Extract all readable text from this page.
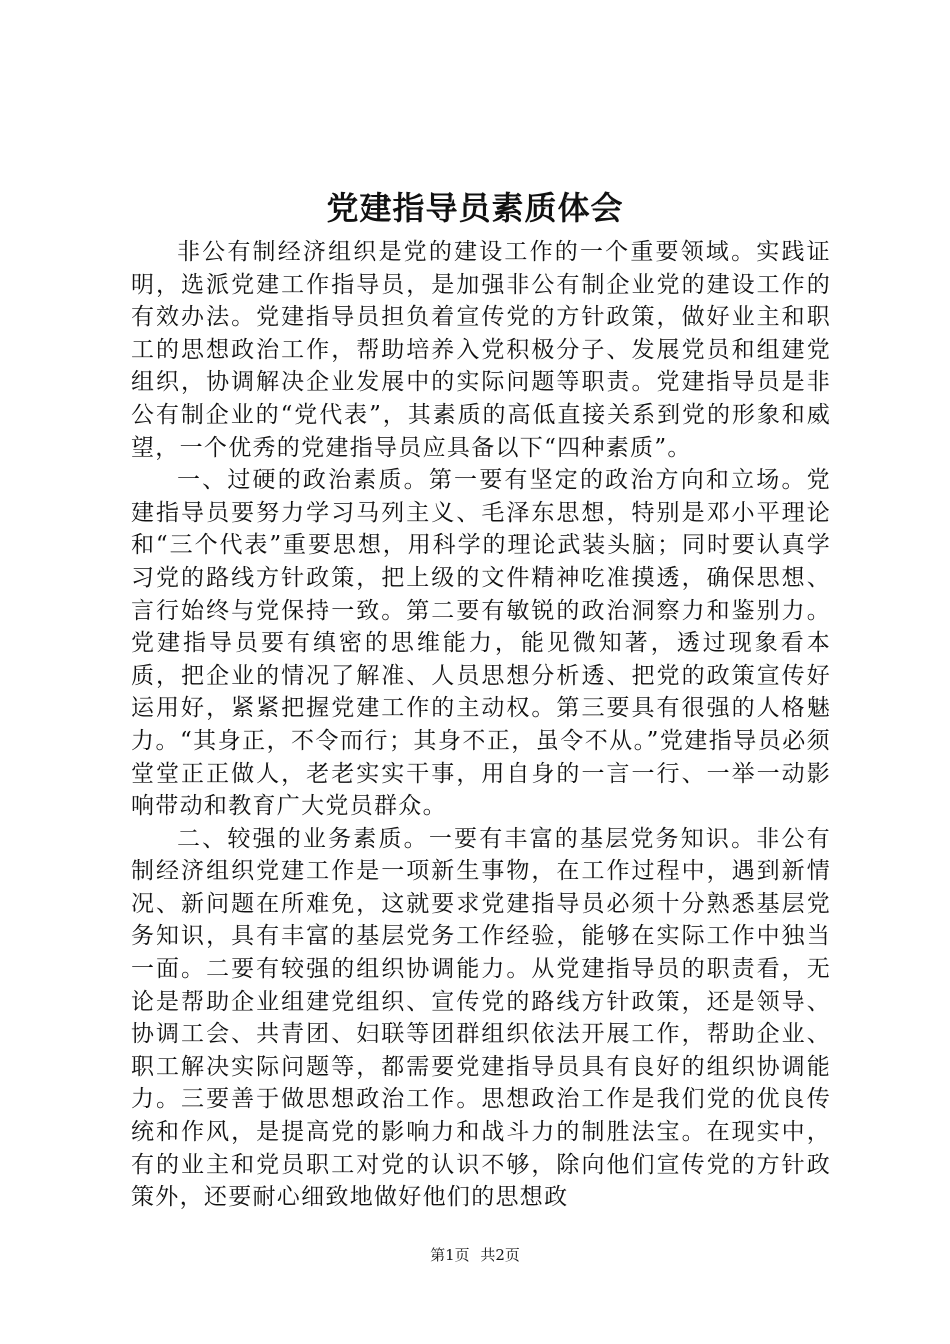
党建指导员素质体会

非公有制经济组织是党的建设工作的一个重要领域。实践证明，选派党建工作指导员，是加强非公有制企业党的建设工作的有效办法。党建指导员担负着宣传党的方针政策，做好业主和职工的思想政治工作，帮助培养入党积极分子、发展党员和组建党组织，协调解决企业发展中的实际问题等职责。党建指导员是非公有制企业的“党代表”，其素质的高低直接关系到党的形象和威望，一个优秀的党建指导员应具备以下“四种素质”。

一、过硬的政治素质。第一要有坚定的政治方向和立场。党建指导员要努力学习马列主义、毛泽东思想，特别是邓小平理论和“三个代表”重要思想，用科学的理论武装头脑；同时要认真学习党的路线方针政策，把上级的文件精神吃准摸透，确保思想、言行始终与党保持一致。第二要有敏锐的政治洞察力和鉴别力。党建指导员要有缜密的思维能力，能见微知著，透过现象看本质，把企业的情况了解准、人员思想分析透、把党的政策宣传好运用好，紧紧把握党建工作的主动权。第三要具有很强的人格魅力。“其身正，不令而行；其身不正，虽令不从。”党建指导员必须堂堂正正做人，老老实实干事，用自身的一言一行、一举一动影响带动和教育广大党员群众。

二、较强的业务素质。一要有丰富的基层党务知识。非公有制经济组织党建工作是一项新生事物，在工作过程中，遇到新情况、新问题在所难免，这就要求党建指导员必须十分熟悉基层党务知识，具有丰富的基层党务工作经验，能够在实际工作中独当一面。二要有较强的组织协调能力。从党建指导员的职责看，无论是帮助企业组建党组织、宣传党的路线方针政策，还是领导、协调工会、共青团、妇联等团群组织依法开展工作，帮助企业、职工解决实际问题等，都需要党建指导员具有良好的组织协调能力。三要善于做思想政治工作。思想政治工作是我们党的优良传统和作风，是提高党的影响力和战斗力的制胜法宝。在现实中，有的业主和党员职工对党的认识不够，除向他们宣传党的方针政策外，还要耐心细致地做好他们的思想政

第1页 共2页
